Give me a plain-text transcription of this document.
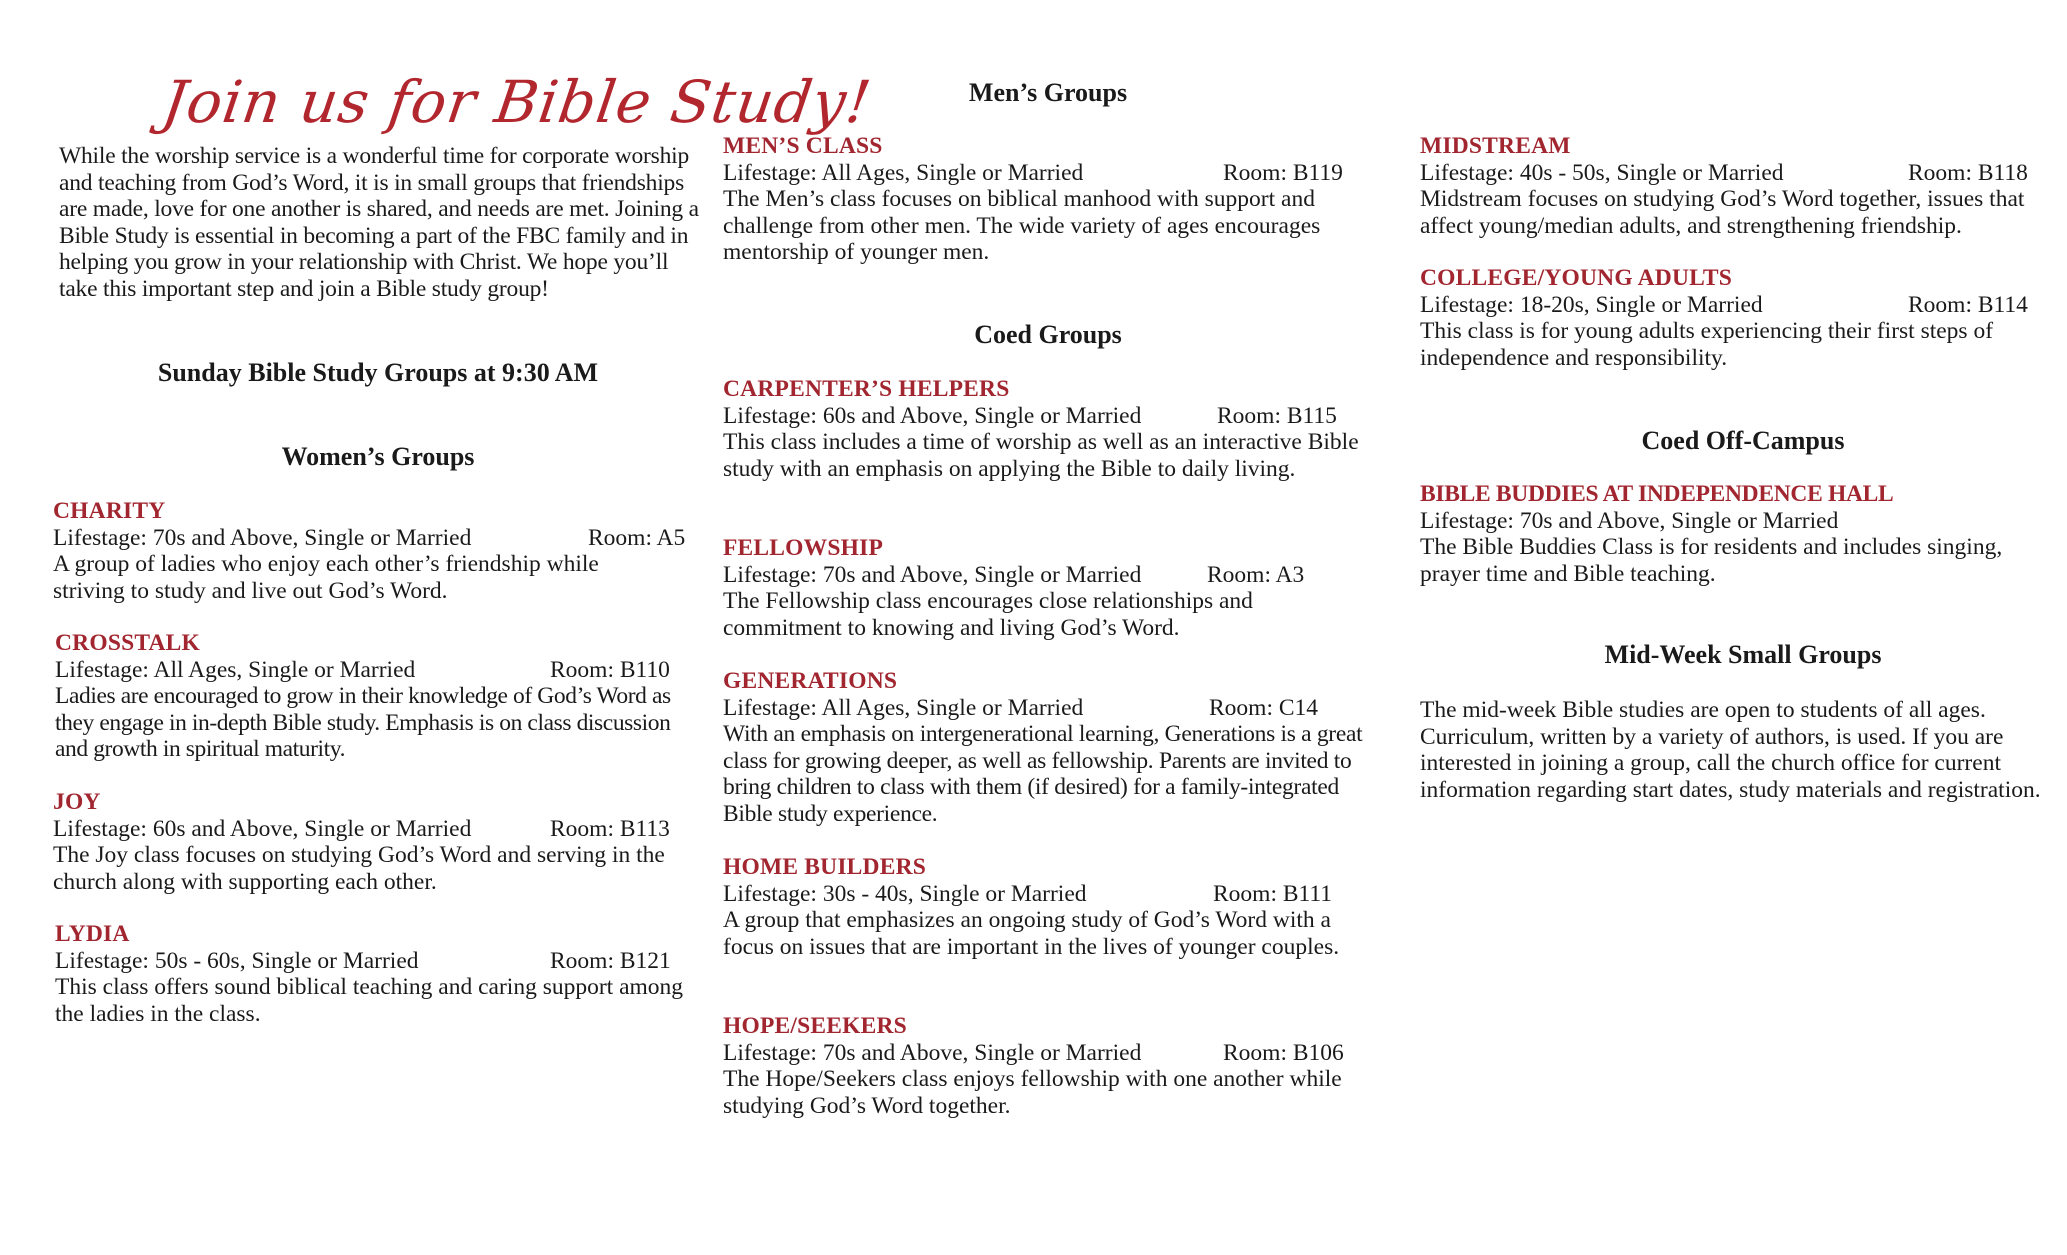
Join us for Bible Study!

While the worship service is a wonderful time for corporate worship and teaching from God’s Word, it is in small groups that friendships are made, love for one another is shared, and needs are met. Joining a Bible Study is essential in becoming a part of the FBC family and in helping you grow in your relationship with Christ. We hope you’ll take this important step and join a Bible study group!

Sunday Bible Study Groups at 9:30 AM
Women’s Groups
CHARITY
Lifestage: 70s and Above, Single or Married	Room: A5

A group of ladies who enjoy each other’s friendship while striving to study and live out God’s Word.

CROSSTALK
Lifestage: All Ages, Single or Married	Room: B110

Ladies are encouraged to grow in their knowledge of God’s Word as they engage in in-depth Bible study. Emphasis is on class discussion and growth in spiritual maturity.

JOY
Lifestage: 60s and Above, Single or Married	Room: B113

The Joy class focuses on studying God’s Word and serving in the church along with supporting each other.

LYDIA
Lifestage: 50s - 60s, Single or Married	Room: B121

This class offers sound biblical teaching and caring support among the ladies in the class.

Men’s Groups
MEN’S CLASS
Lifestage: All Ages, Single or Married	Room: B119

The Men’s class focuses on biblical manhood with support and challenge from other men. The wide variety of ages encourages mentorship of younger men.

Coed Groups
CARPENTER’S HELPERS
Lifestage: 60s and Above, Single or Married	Room: B115

This class includes a time of worship as well as an interactive Bible study with an emphasis on applying the Bible to daily living.

FELLOWSHIP
Lifestage: 70s and Above, Single or Married	Room: A3

The Fellowship class encourages close relationships and commitment to knowing and living God’s Word.

GENERATIONS
Lifestage: All Ages, Single or Married	Room: C14

With an emphasis on intergenerational learning, Generations is a great class for growing deeper, as well as fellowship. Parents are invited to bring children to class with them (if desired) for a family-integrated Bible study experience.

HOME BUILDERS
Lifestage: 30s - 40s, Single or Married	Room: B111

A group that emphasizes an ongoing study of God’s Word with a focus on issues that are important in the lives of younger couples.

HOPE/SEEKERS
Lifestage: 70s and Above, Single or Married	Room: B106

The Hope/Seekers class enjoys fellowship with one another while studying God’s Word together.

MIDSTREAM
Lifestage: 40s - 50s, Single or Married	Room: B118

Midstream focuses on studying God’s Word together, issues that affect young/median adults, and strengthening friendship.

COLLEGE/YOUNG ADULTS
Lifestage: 18-20s, Single or Married	Room: B114

This class is for young adults experiencing their first steps of independence and responsibility.

Coed Off-Campus
BIBLE BUDDIES AT INDEPENDENCE HALL
Lifestage: 70s and Above, Single or Married

The Bible Buddies Class is for residents and includes singing, prayer time and Bible teaching.

Mid-Week Small Groups

The mid-week Bible studies are open to students of all ages. Curriculum, written by a variety of authors, is used. If you are interested in joining a group, call the church office for current information regarding start dates, study materials and registration.
